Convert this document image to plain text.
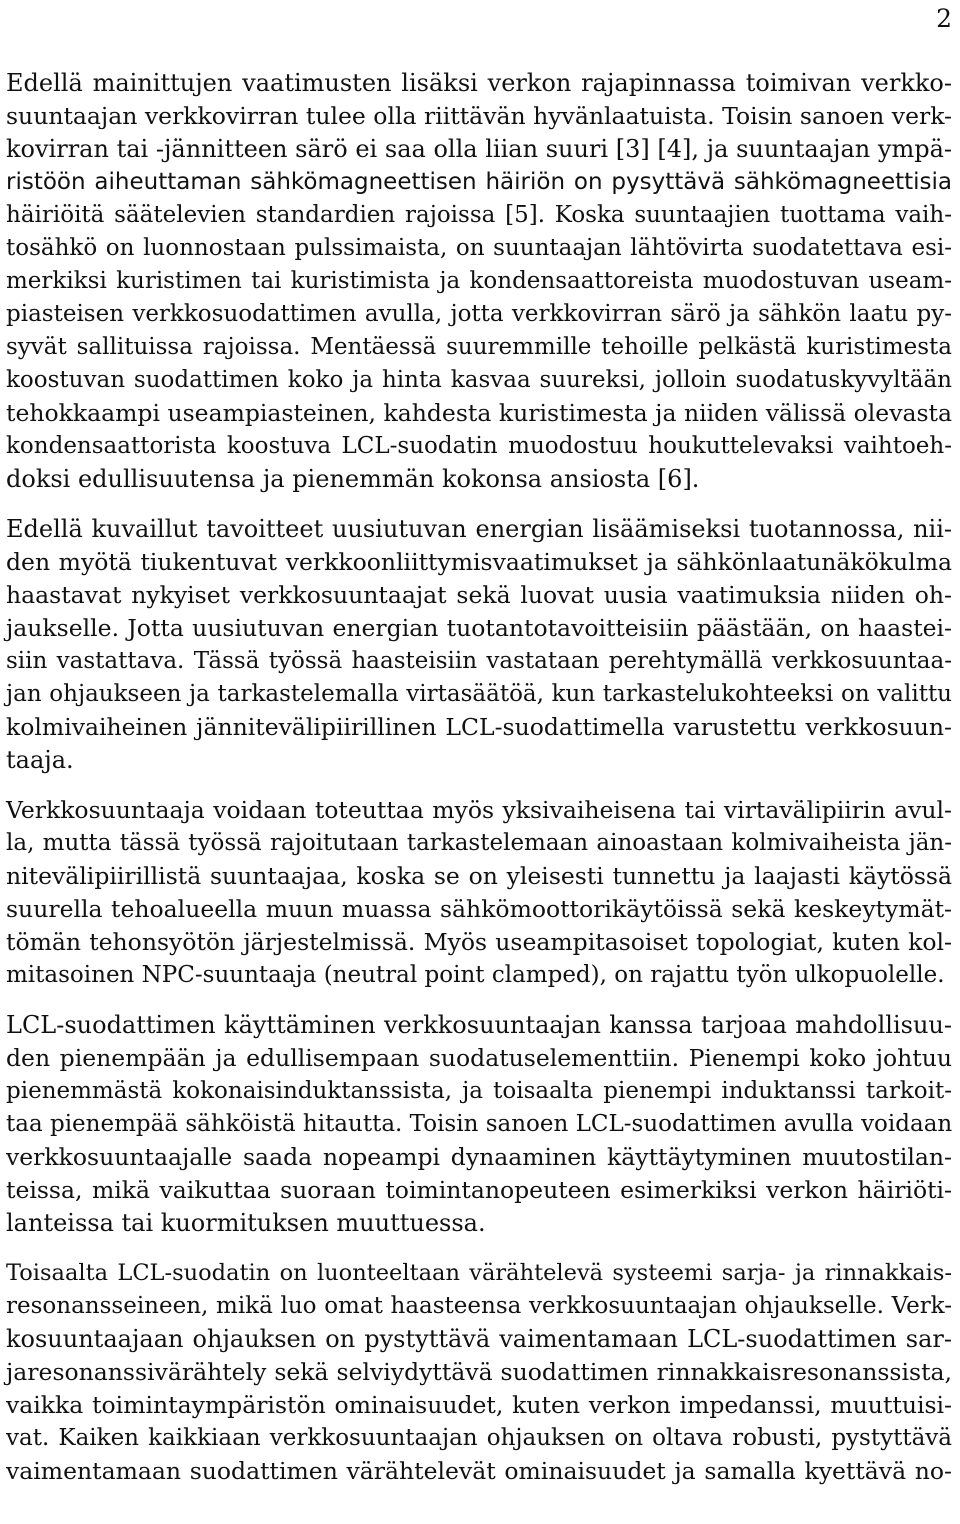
2
Edellä mainittujen vaatimusten lisäksi verkon rajapinnassa toimivan verkko-
suuntaajan verkkovirran tulee olla riittävän hyvänlaatuista. Toisin sanoen verk-
kovirran tai -jännitteen särö ei saa olla liian suuri [3] [4], ja suuntaajan ympä-
ristöön aiheuttaman sähkömagneettisen häiriön on pysyttävä sähkömagneettisia
häiriöitä säätelevien standardien rajoissa [5]. Koska suuntaajien tuottama vaih-
tosähkö on luonnostaan pulssimaista, on suuntaajan lähtövirta suodatettava esi-
merkiksi kuristimen tai kuristimista ja kondensaattoreista muodostuvan useam-
piasteisen verkkosuodattimen avulla, jotta verkkovirran särö ja sähkön laatu py-
syvät sallituissa rajoissa. Mentäessä suuremmille tehoille pelkästä kuristimesta
koostuvan suodattimen koko ja hinta kasvaa suureksi, jolloin suodatuskyvyltään
tehokkaampi useampiasteinen, kahdesta kuristimesta ja niiden välissä olevasta
kondensaattorista koostuva LCL-suodatin muodostuu houkuttelevaksi vaihtoeh-
doksi edullisuutensa ja pienemmän kokonsa ansiosta [6].
Edellä kuvaillut tavoitteet uusiutuvan energian lisäämiseksi tuotannossa, nii-
den myötä tiukentuvat verkkoonliittymisvaatimukset ja sähkönlaatunäkökulma
haastavat nykyiset verkkosuuntaajat sekä luovat uusia vaatimuksia niiden oh-
jaukselle. Jotta uusiutuvan energian tuotantotavoitteisiin päästään, on haastei-
siin vastattava. Tässä työssä haasteisiin vastataan perehtymällä verkkosuuntaa-
jan ohjaukseen ja tarkastelemalla virtasäätöä, kun tarkastelukohteeksi on valittu
kolmivaiheinen jännitevälipiirillinen LCL-suodattimella varustettu verkkosuun-
taaja.
Verkkosuuntaaja voidaan toteuttaa myös yksivaiheisena tai virtavälipiirin avul-
la, mutta tässä työssä rajoitutaan tarkastelemaan ainoastaan kolmivaiheista jän-
nitevälipiirillistä suuntaajaa, koska se on yleisesti tunnettu ja laajasti käytössä
suurella tehoalueella muun muassa sähkömoottorikäytöissä sekä keskeytymät-
tömän tehonsyötön järjestelmissä. Myös useampitasoiset topologiat, kuten kol-
mitasoinen NPC-suuntaaja (neutral point clamped), on rajattu työn ulkopuolelle.
LCL-suodattimen käyttäminen verkkosuuntaajan kanssa tarjoaa mahdollisuu-
den pienempään ja edullisempaan suodatuselementtiin. Pienempi koko johtuu
pienemmästä kokonaisinduktanssista, ja toisaalta pienempi induktanssi tarkoit-
taa pienempää sähköistä hitautta. Toisin sanoen LCL-suodattimen avulla voidaan
verkkosuuntaajalle saada nopeampi dynaaminen käyttäytyminen muutostilan-
teissa, mikä vaikuttaa suoraan toimintanopeuteen esimerkiksi verkon häiriöti-
lanteissa tai kuormituksen muuttuessa.
Toisaalta LCL-suodatin on luonteeltaan värähtelevä systeemi sarja- ja rinnakkais-
resonansseineen, mikä luo omat haasteensa verkkosuuntaajan ohjaukselle. Verk-
kosuuntaajaan ohjauksen on pystyttävä vaimentamaan LCL-suodattimen sar-
jaresonanssivärähtely sekä selviydyttävä suodattimen rinnakkaisresonanssista,
vaikka toimintaympäristön ominaisuudet, kuten verkon impedanssi, muuttuisi-
vat. Kaiken kaikkiaan verkkosuuntaajan ohjauksen on oltava robusti, pystyttävä
vaimentamaan suodattimen värähtelevät ominaisuudet ja samalla kyettävä no-
